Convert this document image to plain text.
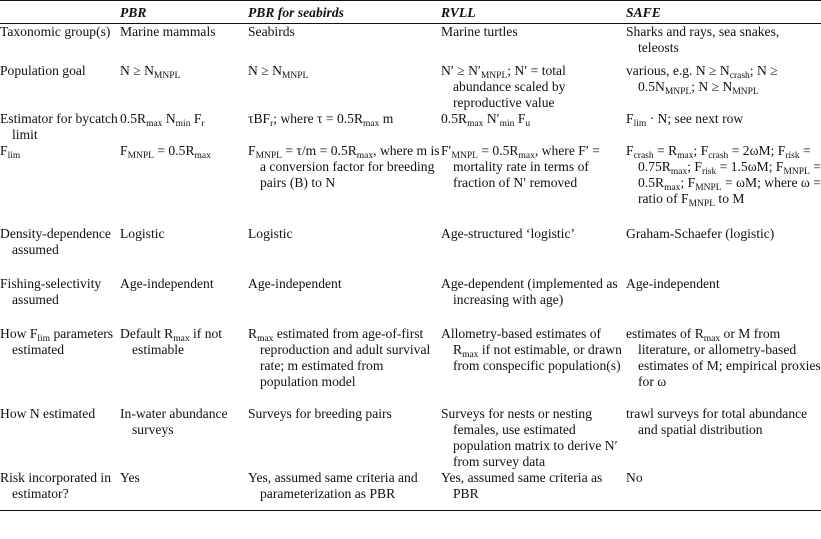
	PBR	PBR for seabirds	RVLL	SAFE

Taxonomic group(s)	Marine mammals	Seabirds	Marine turtles	Sharks and rays, sea snakes, teleosts

Population goal	$N \ge N_{MNPL}$	$N \ge N_{MNPL}$	$N' \ge N'_{MNPL}$; N′ = total abundance scaled by reproductive value	various, e.g. $N \ge N_{crash}$; $N \ge 0.5N_{MNPL}$; $N \ge N_{MNPL}$

Estimator for bycatch limit	$0.5R_{max}$ $N_{min}$ $F_r$	τBF$_r$; where $\tau = 0.5R_{max}$ m	$0.5R_{max}$ $N'_{min}$ $F_u$	$F_{lim} \cdot N$; see next row

$F_{lim}$	$F_{MNPL} = 0.5R_{max}$	$F_{MNPL} = \tau/m = 0.5R_{max}$, where m is a conversion factor for breeding pairs (B) to N	$F'_{MNPL} = 0.5R_{max}$, where F′ = mortality rate in terms of fraction of N′ removed	$F_{crash} = R_{max}$; $F_{crash} = 2\omega M$; $F_{risk} = 0.75R_{max}$; $F_{risk} = 1.5\omega M$; $F_{MNPL} = 0.5R_{max}$; $F_{MNPL} = \omega M$; where ω = ratio of $F_{MNPL}$ to M

Density-dependence assumed	Logistic	Logistic	Age-structured ‘logistic’	Graham-Schaefer (logistic)

Fishing-selectivity assumed	Age-independent	Age-independent	Age-dependent (implemented as increasing with age)	Age-independent

How $F_{lim}$ parameters estimated	Default $R_{max}$ if not estimable	$R_{max}$ estimated from age-of-first reproduction and adult survival rate; m estimated from population model	Allometry-based estimates of $R_{max}$ if not estimable, or drawn from conspecific population(s)	estimates of $R_{max}$ or M from literature, or allometry-based estimates of M; empirical proxies for ω

How N estimated	In-water abundance surveys	Surveys for breeding pairs	Surveys for nests or nesting females, use estimated population matrix to derive N′ from survey data	trawl surveys for total abundance and spatial distribution

Risk incorporated in estimator?	Yes	Yes, assumed same criteria and parameterization as PBR	Yes, assumed same criteria as PBR	No
